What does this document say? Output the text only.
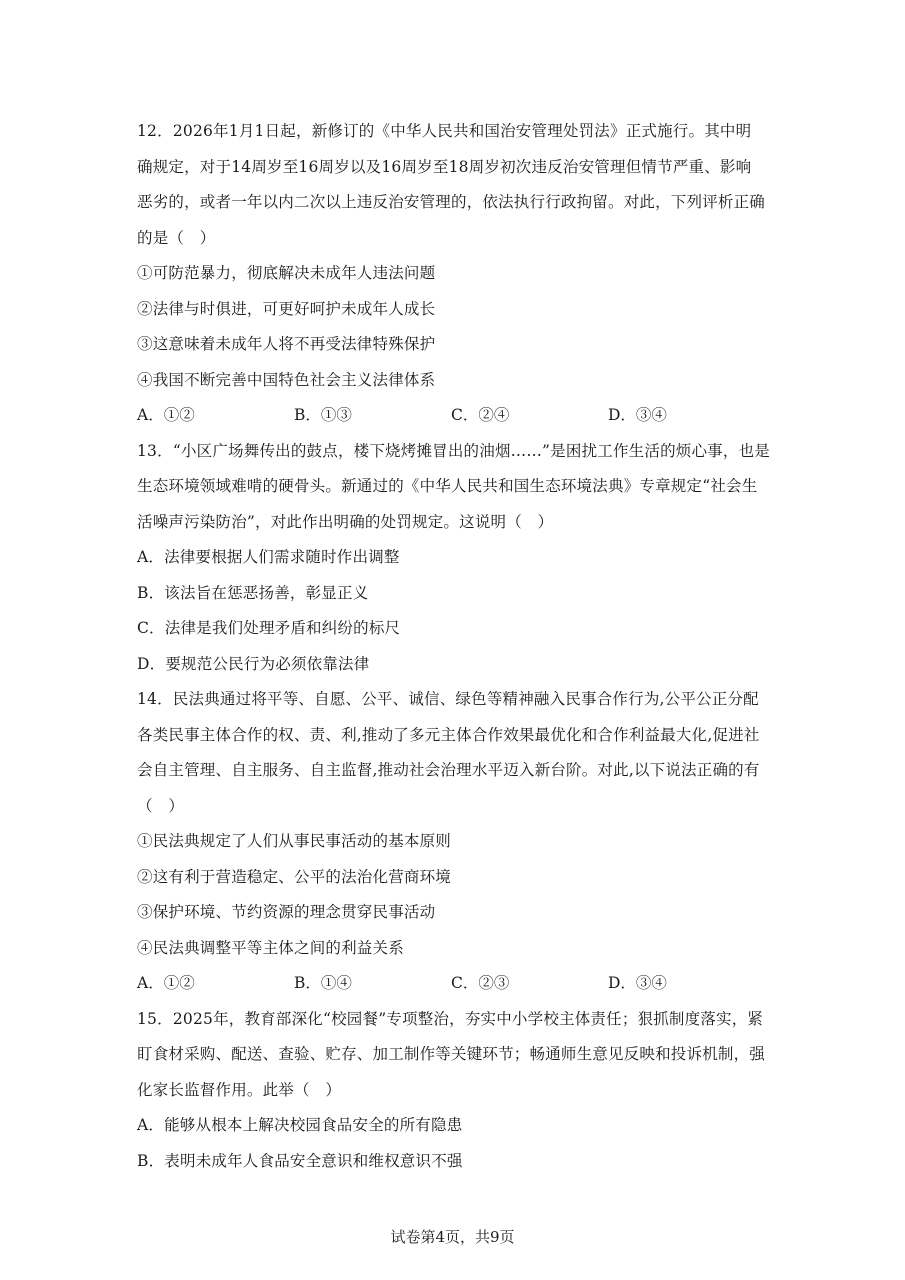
12．2026年1月1日起，新修订的《中华人民共和国治安管理处罚法》正式施行。其中明
确规定，对于14周岁至16周岁以及16周岁至18周岁初次违反治安管理但情节严重、影响
恶劣的，或者一年以内二次以上违反治安管理的，依法执行行政拘留。对此，下列评析正确
的是（　）
①可防范暴力，彻底解决未成年人违法问题
②法律与时俱进，可更好呵护未成年人成长
③这意味着未成年人将不再受法律特殊保护
④我国不断完善中国特色社会主义法律体系
A．①②	B．①③	C．②④	D．③④
13．“小区广场舞传出的鼓点，楼下烧烤摊冒出的油烟……”是困扰工作生活的烦心事，也是
生态环境领域难啃的硬骨头。新通过的《中华人民共和国生态环境法典》专章规定“社会生
活噪声污染防治”，对此作出明确的处罚规定。这说明（　）
A．法律要根据人们需求随时作出调整
B．该法旨在惩恶扬善，彰显正义
C．法律是我们处理矛盾和纠纷的标尺
D．要规范公民行为必须依靠法律
14．民法典通过将平等、自愿、公平、诚信、绿色等精神融入民事合作行为,公平公正分配
各类民事主体合作的权、责、利,推动了多元主体合作效果最优化和合作利益最大化,促进社
会自主管理、自主服务、自主监督,推动社会治理水平迈入新台阶。对此,以下说法正确的有
（　）
①民法典规定了人们从事民事活动的基本原则
②这有利于营造稳定、公平的法治化营商环境
③保护环境、节约资源的理念贯穿民事活动
④民法典调整平等主体之间的利益关系
A．①②	B．①④	C．②③	D．③④
15．2025年，教育部深化“校园餐”专项整治，夯实中小学校主体责任；狠抓制度落实，紧
盯食材采购、配送、查验、贮存、加工制作等关键环节；畅通师生意见反映和投诉机制，强
化家长监督作用。此举（　）
A．能够从根本上解决校园食品安全的所有隐患
B．表明未成年人食品安全意识和维权意识不强
试卷第4页，共9页
